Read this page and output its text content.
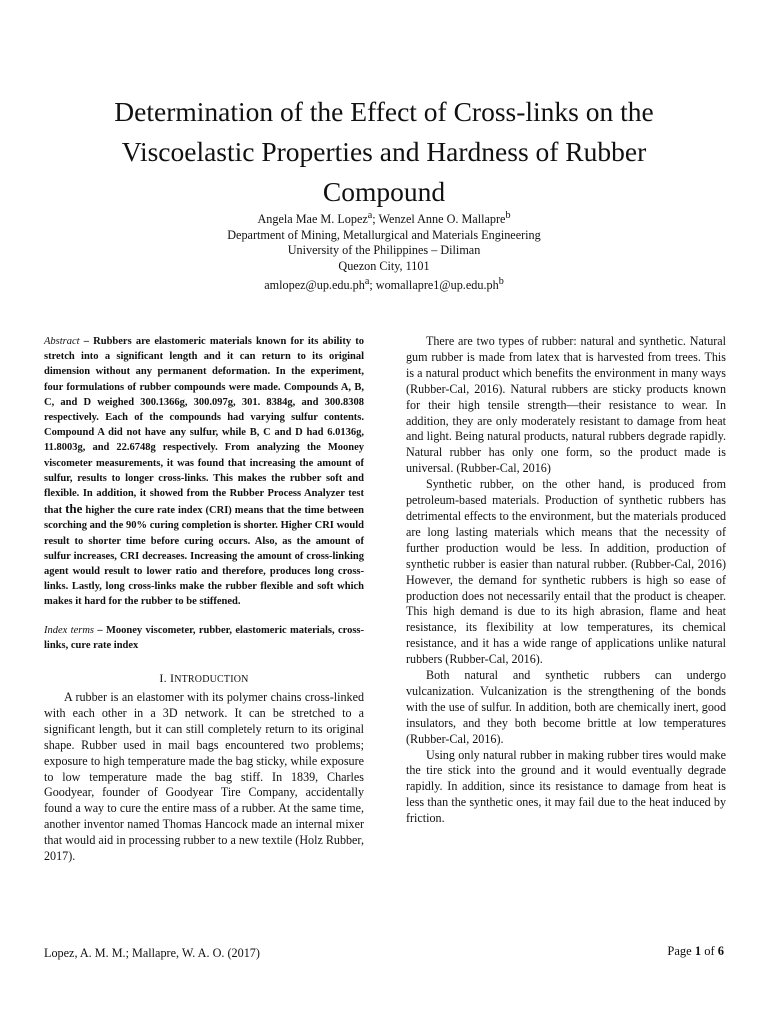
Determination of the Effect of Cross-links on the Viscoelastic Properties and Hardness of Rubber Compound
Angela Mae M. Lopez$^a$; Wenzel Anne O. Mallapre$^b$
Department of Mining, Metallurgical and Materials Engineering
University of the Philippines – Diliman
Quezon City, 1101
$amlopez@up.edu.ph^a$; $womallapre1@up.edu.ph^b$

Abstract – Rubbers are elastomeric materials known for its ability to stretch into a significant length and it can return to its original dimension without any permanent deformation. In the experiment, four formulations of rubber compounds were made. Compounds A, B, C, and D weighed 300.1366g, 300.097g, 301. 8384g, and 300.8308 respectively. Each of the compounds had varying sulfur contents. Compound A did not have any sulfur, while B, C and D had 6.0136g, 11.8003g, and 22.6748g respectively. From analyzing the Mooney viscometer measurements, it was found that increasing the amount of sulfur, results to longer cross-links. This makes the rubber soft and flexible. In addition, it showed from the Rubber Process Analyzer test that the higher the cure rate index (CRI) means that the time between scorching and the 90% curing completion is shorter. Higher CRI would result to shorter time before curing occurs. Also, as the amount of sulfur increases, CRI decreases. Increasing the amount of cross-linking agent would result to lower ratio and therefore, produces long cross-links. Lastly, long cross-links make the rubber flexible and soft which makes it hard for the rubber to be stiffened.

Index terms – Mooney viscometer, rubber, elastomeric materials, cross-links, cure rate index

I. INTRODUCTION

A rubber is an elastomer with its polymer chains cross-linked with each other in a 3D network. It can be stretched to a significant length, but it can still completely return to its original shape. Rubber used in mail bags encountered two problems; exposure to high temperature made the bag sticky, while exposure to low temperature made the bag stiff. In 1839, Charles Goodyear, founder of Goodyear Tire Company, accidentally found a way to cure the entire mass of a rubber. At the same time, another inventor named Thomas Hancock made an internal mixer that would aid in processing rubber to a new textile (Holz Rubber, 2017).

There are two types of rubber: natural and synthetic. Natural gum rubber is made from latex that is harvested from trees. This is a natural product which benefits the environment in many ways (Rubber-Cal, 2016). Natural rubbers are sticky products known for their high tensile strength—their resistance to wear. In addition, they are only moderately resistant to damage from heat and light. Being natural products, natural rubbers degrade rapidly. Natural rubber has only one form, so the product made is universal. (Rubber-Cal, 2016)

Synthetic rubber, on the other hand, is produced from petroleum-based materials. Production of synthetic rubbers has detrimental effects to the environment, but the materials produced are long lasting materials which means that the necessity of further production would be less. In addition, production of synthetic rubber is easier than natural rubber. (Rubber-Cal, 2016) However, the demand for synthetic rubbers is high so ease of production does not necessarily entail that the product is cheaper. This high demand is due to its high abrasion, flame and heat resistance, its flexibility at low temperatures, its chemical resistance, and it has a wide range of applications unlike natural rubbers (Rubber-Cal, 2016).

Both natural and synthetic rubbers can undergo vulcanization. Vulcanization is the strengthening of the bonds with the use of sulfur. In addition, both are chemically inert, good insulators, and they both become brittle at low temperatures (Rubber-Cal, 2016).

Using only natural rubber in making rubber tires would make the tire stick into the ground and it would eventually degrade rapidly. In addition, since its resistance to damage from heat is less than the synthetic ones, it may fail due to the heat induced by friction.

Lopez, A. M. M.; Mallapre, W. A. O. (2017)	Page 1 of 6
